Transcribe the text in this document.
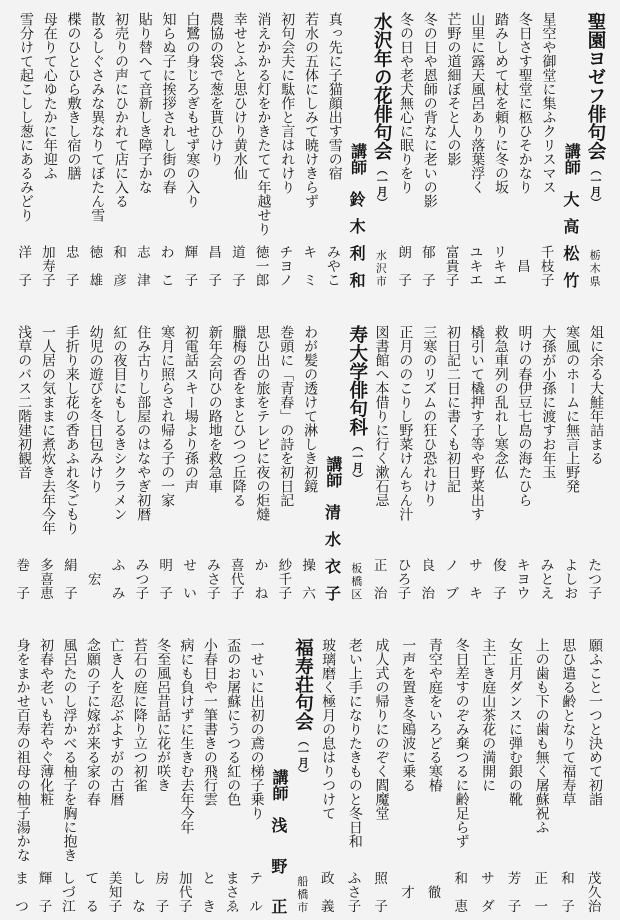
聖園ヨゼフ俳句会（一月）
栃
木
県
講師
大
高
松
竹
星空や御堂に集ふクリスマス
千
枝
子
冬日さす聖堂に柩ひそかなり
昌
踏みしめて杖を頼りに冬の坂
リ
キ
エ
山里に露天風呂あり落葉浮く
ユ
キ
エ
芒野の道細ぼそと人の影
富
貴
子
冬の日や恩師の背なに老いの影
郁
子
冬の日や老犬無心に眠りをり
朗
子
水沢年の花俳句会（一月）
水
沢
市
講師
鈴
木
利
和
真っ先に子猫顔出す雪の宿
み
や
こ
若水の五体にしみて暁けきらず
キ
ミ
初句会夫に駄作と言はれけり
チ
ヨ
ノ
消えかかる灯をかきたてて年越せり
徳
一
郎
幸せとふと思ひけり黄水仙
道
子
農協の袋で葱を貰ひけり
昌
子
白鷺の身じろぎもせず寒の入り
輝
子
知らぬ子に挨拶されし街の春
わ
こ
貼り替へて音新しき障子かな
志
津
初売りの声にひかれて店に入る
和
彦
散るしぐさみな異なりてぼたん雪
徳
雄
楪のひとひら敷きし宿の膳
忠
子
母在りて心ゆたかに年迎ふ
加
寿
子
雪分けて起こしし葱にあるみどり
洋
子
俎に余る大鮭年詰まる
た
つ
子
寒風のホームに無言上野発
よ
し
お
大孫が小孫に渡すお年玉
み
と
え
明けの春伊豆七島の海たひら
キ
ヨ
ウ
救急車列の乱れし寒念仏
俊
子
橇引いて橇押す子等や野菜出す
サ
キ
初日記二日に書くも初日記
ノ
ブ
三寒のリズムの狂ひ恐れけり
良
治
正月ののこりし野菜けんちん汁
ひ
ろ
子
図書館へ本借りに行く漱石忌
正
治
寿大学俳句科（一月）
板
橋
区
講師
清
水
衣
子
わが髪の透けて淋しき初鏡
操
六
巻頭に「青春」の詩を初日記
紗
千
子
思ひ出の旅をテレビに夜の炬燵
か
ね
臘梅の香をまとひつつ丘降る
喜
代
子
新年会向ひの路地を救急車
み
さ
子
初電話スキー場より孫の声
せ
い
寒月に照らされ帰る子の一家
明
子
住み古りし部屋のはなやぎ初暦
み
つ
子
紅の夜目にもしるきシクラメン
ふ
み
幼児の遊びを冬日包みけり
宏
手折り来し花の香あふれ冬ごもり
絹
子
一人居の気ままに煮炊き去年今年
多
喜
恵
浅草のバス二階建初観音
巻
子
願ふこと一つと決めて初詣
茂
久
治
思ひ遣る齢となりて福寿草
和
子
上の歯も下の歯も無く屠蘇祝ふ
正
一
女正月ダンスに弾む銀の靴
芳
子
主亡き庭山茶花の満開に
サ
ダ
冬日差すのぞみ棄つるに齢足らず
和
恵
青空や庭をいろどる寒椿
徹
一声を置き冬鴎波に乗る
才
成人式の帰りにのぞく閻魔堂
照
子
老い上手になりたきものと冬日和
ふ
さ
子
玻璃磨く極月の息はりつけて
政
義
福寿荘句会（一月）
船
橋
市
講師
浅
野
正
一せいに出初の鳶の梯子乗り
テ
ル
盃のお屠蘇にうつる紅の色
ま
さ
ゑ
小春日や一筆書きの飛行雲
と
き
病にも負けずに生きむ去年今年
加
代
子
冬至風呂昔話に花が咲き
房
子
苔石の庭に降り立つ初雀
し
な
亡き人を忍ぶよすがの古暦
美
知
子
念願の子に嫁が来る家の春
て
る
風呂たのし浮かべる柚子を胸に抱き
し
づ
江
初春や老いも若やぐ薄化粧
輝
子
身をまかせ百寿の祖母の柚子湯かな
ま
つ
